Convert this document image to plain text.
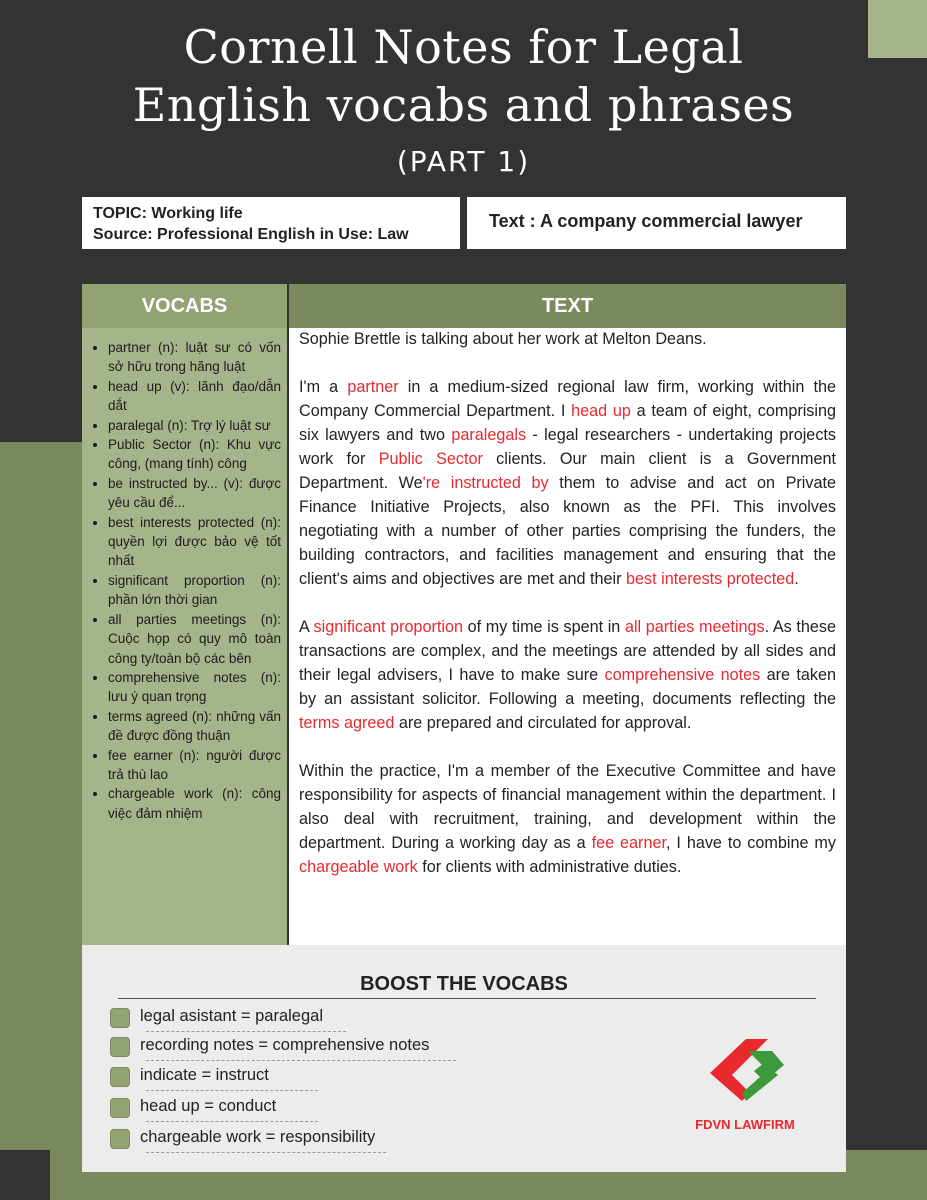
Cornell Notes for Legal
English vocabs and phrases
(PART 1)
TOPIC: Working life
Source: Professional English in Use: Law
Text : A company commercial lawyer
VOCABS	TEXT
• partner (n): luật sư có vốn sở hữu trong hãng luật
• head up (v): lãnh đạo/dẫn dắt
• paralegal (n): Trợ lý luật sư
• Public Sector (n): Khu vực công, (mang tính) công
• be instructed by... (v): được yêu cầu để...
• best interests protected (n): quyền lợi được bảo vệ tốt nhất
• significant proportion (n): phần lớn thời gian
• all parties meetings (n): Cuộc họp có quy mô toàn công ty/toàn bộ các bên
• comprehensive notes (n): lưu ý quan trọng
• terms agreed (n): những vấn đề được đồng thuận
• fee earner (n): người được trả thù lao
• chargeable work (n): công việc đảm nhiệm

Sophie Brettle is talking about her work at Melton Deans.

I'm a partner in a medium-sized regional law firm, working within the Company Commercial Department. I head up a team of eight, comprising six lawyers and two paralegals - legal researchers - undertaking projects work for Public Sector clients. Our main client is a Government Department. We're instructed by them to advise and act on Private Finance Initiative Projects, also known as the PFI. This involves negotiating with a number of other parties comprising the funders, the building contractors, and facilities management and ensuring that the client's aims and objectives are met and their best interests protected.

A significant proportion of my time is spent in all parties meetings. As these transactions are complex, and the meetings are attended by all sides and their legal advisers, I have to make sure comprehensive notes are taken by an assistant solicitor. Following a meeting, documents reflecting the terms agreed are prepared and circulated for approval.

Within the practice, I'm a member of the Executive Committee and have responsibility for aspects of financial management within the department. I also deal with recruitment, training, and development within the department. During a working day as a fee earner, I have to combine my chargeable work for clients with administrative duties.

BOOST THE VOCABS
legal asistant = paralegal
recording notes = comprehensive notes
indicate = instruct
head up = conduct
chargeable work = responsibility
FDVN LAWFIRM
